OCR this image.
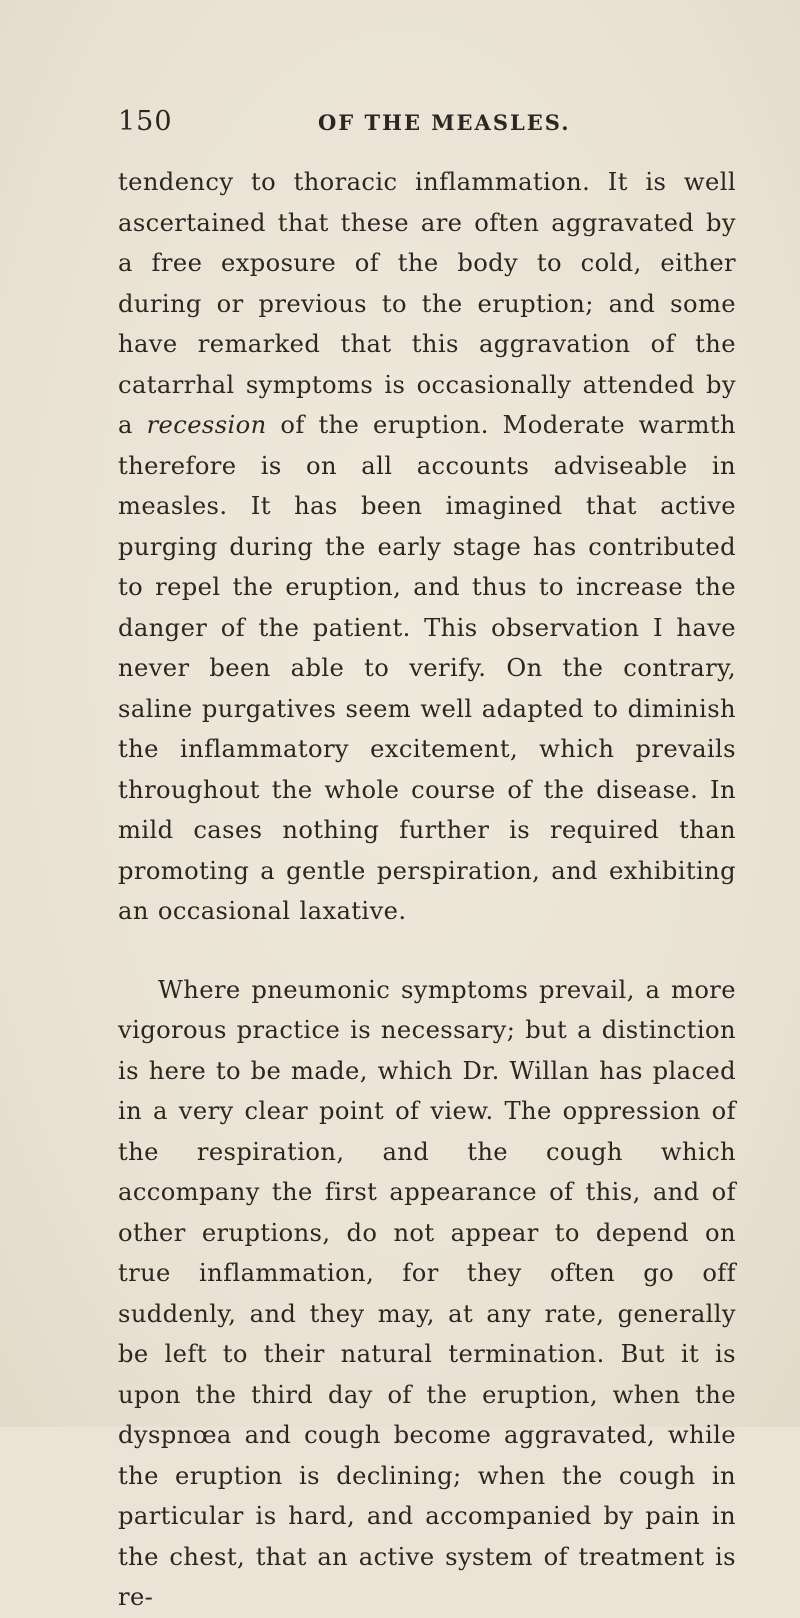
150	OF THE MEASLES.

tendency to thoracic inflammation. It is well ascertained that these are often aggravated by a free exposure of the body to cold, either during or previous to the eruption; and some have remarked that this aggravation of the catarrhal symptoms is occasionally attended by a recession of the eruption. Moderate warmth therefore is on all accounts adviseable in measles. It has been imagined that active purging during the early stage has contributed to repel the eruption, and thus to increase the danger of the patient. This observation I have never been able to verify. On the contrary, saline purgatives seem well adapted to diminish the inflammatory excitement, which prevails throughout the whole course of the disease. In mild cases nothing further is required than promoting a gentle perspiration, and exhibiting an occasional laxative.

Where pneumonic symptoms prevail, a more vigorous practice is necessary; but a distinction is here to be made, which Dr. Willan has placed in a very clear point of view. The oppression of the respiration, and the cough which accompany the first appearance of this, and of other eruptions, do not appear to depend on true inflammation, for they often go off suddenly, and they may, at any rate, generally be left to their natural termination. But it is upon the third day of the eruption, when the dyspnœa and cough become aggravated, while the eruption is declining; when the cough in particular is hard, and accompanied by pain in the chest, that an active system of treatment is re-
